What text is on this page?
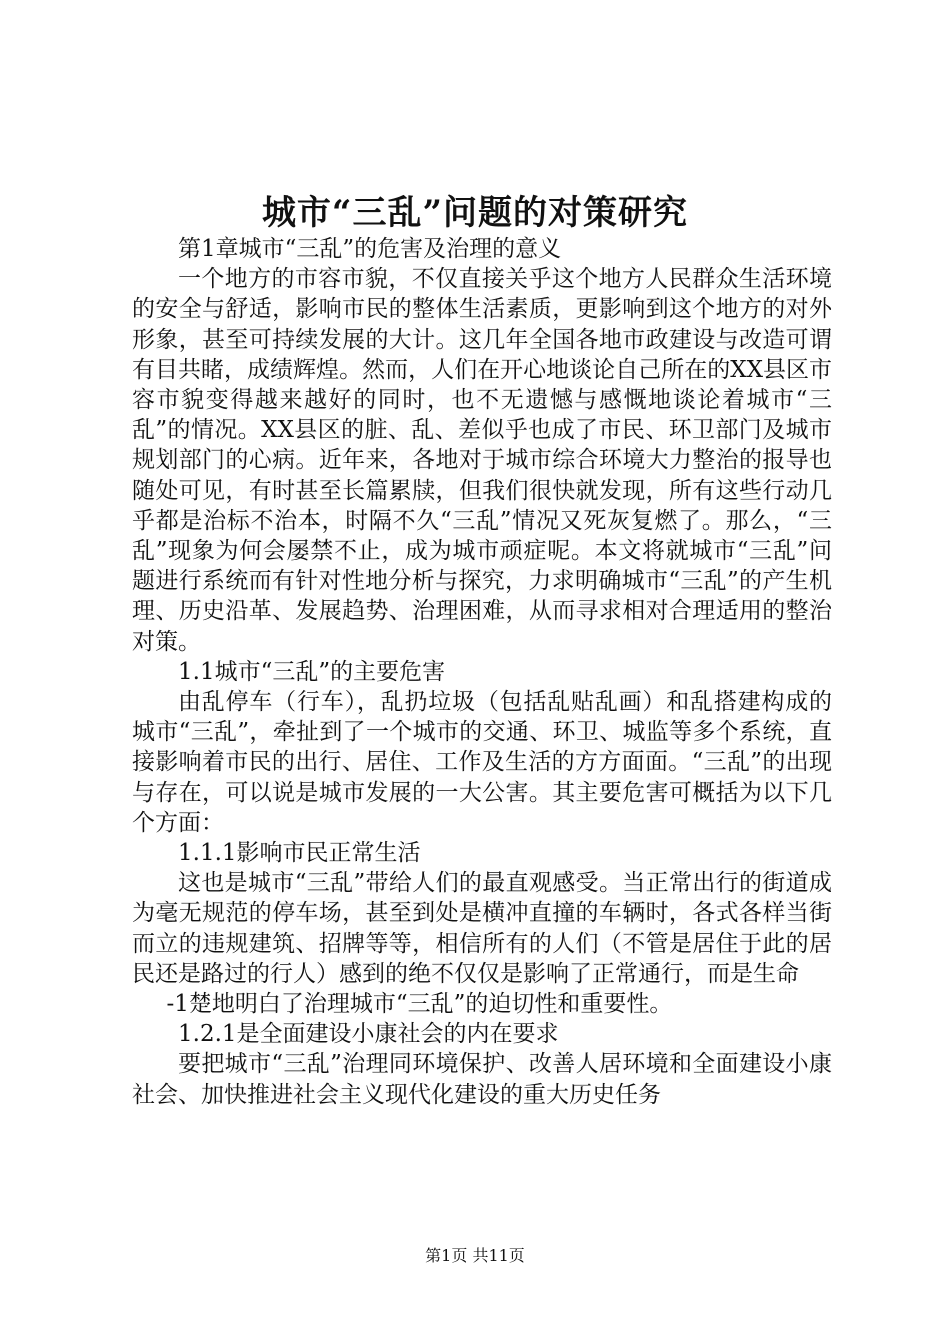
城市“三乱”问题的对策研究

第1章城市“三乱”的危害及治理的意义

一个地方的市容市貌，不仅直接关乎这个地方人民群众生活环境的安全与舒适，影响市民的整体生活素质，更影响到这个地方的对外形象，甚至可持续发展的大计。这几年全国各地市政建设与改造可谓有目共睹，成绩辉煌。然而，人们在开心地谈论自己所在的XX县区市容市貌变得越来越好的同时，也不无遗憾与感慨地谈论着城市“三乱”的情况。XX县区的脏、乱、差似乎也成了市民、环卫部门及城市规划部门的心病。近年来，各地对于城市综合环境大力整治的报导也随处可见，有时甚至长篇累牍，但我们很快就发现，所有这些行动几乎都是治标不治本，时隔不久“三乱”情况又死灰复燃了。那么，“三乱”现象为何会屡禁不止，成为城市顽症呢。本文将就城市“三乱”问题进行系统而有针对性地分析与探究，力求明确城市“三乱”的产生机理、历史沿革、发展趋势、治理困难，从而寻求相对合理适用的整治对策。

1.1城市“三乱”的主要危害

由乱停车（行车），乱扔垃圾（包括乱贴乱画）和乱搭建构成的城市“三乱”，牵扯到了一个城市的交通、环卫、城监等多个系统，直接影响着市民的出行、居住、工作及生活的方方面面。“三乱”的出现与存在，可以说是城市发展的一大公害。其主要危害可概括为以下几个方面：

1.1.1影响市民正常生活

这也是城市“三乱”带给人们的最直观感受。当正常出行的街道成为毫无规范的停车场，甚至到处是横冲直撞的车辆时，各式各样当街而立的违规建筑、招牌等等，相信所有的人们（不管是居住于此的居民还是路过的行人）感到的绝不仅仅是影响了正常通行，而是生命

-1楚地明白了治理城市“三乱”的迫切性和重要性。

1.2.1是全面建设小康社会的内在要求

要把城市“三乱”治理同环境保护、改善人居环境和全面建设小康社会、加快推进社会主义现代化建设的重大历史任务

第1页 共11页
